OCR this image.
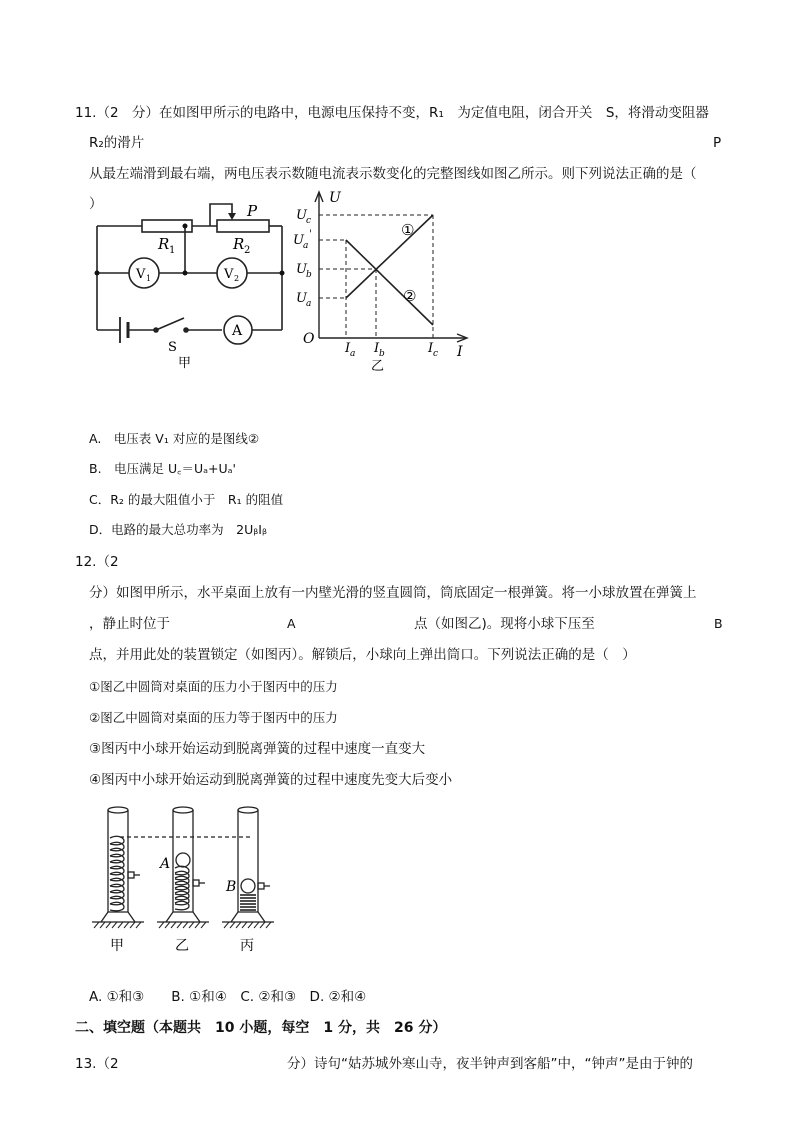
11.（2　分）在如图甲所示的电路中，电源电压保持不变，R₁　为定值电阻，闭合开关　S，将滑动变阻器
R₂的滑片	P
从最左端滑到最右端，两电压表示数随电流表示数变化的完整图线如图乙所示。则下列说法正确的是（
）
R 1	R 2
P
V 1	V 2
A
S
甲
U
I
O
U c
U a
'
U b
U a
I a I b	I c
①
②
乙
A.　电压表 V₁ 对应的是图线②
B.　电压满足 U꜀＝Uₐ+Uₐ'
C．R₂ 的最大阻值小于　R₁ 的阻值
D．电路的最大总功率为　2UᵦIᵦ
12.（2
分）如图甲所示，水平桌面上放有一内壁光滑的竖直圆筒，筒底固定一根弹簧。将一小球放置在弹簧上
，静止时位于	A	点（如图乙)。现将小球下压至	B
点，并用此处的装置锁定（如图丙）。解锁后，小球向上弹出筒口。下列说法正确的是（　）
①图乙中圆筒对桌面的压力小于图丙中的压力
②图乙中圆筒对桌面的压力等于图丙中的压力
③图丙中小球开始运动到脱离弹簧的过程中速度一直变大
④图丙中小球开始运动到脱离弹簧的过程中速度先变大后变小
A
B
甲	乙	丙
A. ①和③　　B. ①和④　C. ②和③　D. ②和④
二、填空题（本题共　10 小题，每空　1 分，共　26 分）
13.（2	分）诗句“姑苏城外寒山寺，夜半钟声到客船”中，“钟声”是由于钟的
